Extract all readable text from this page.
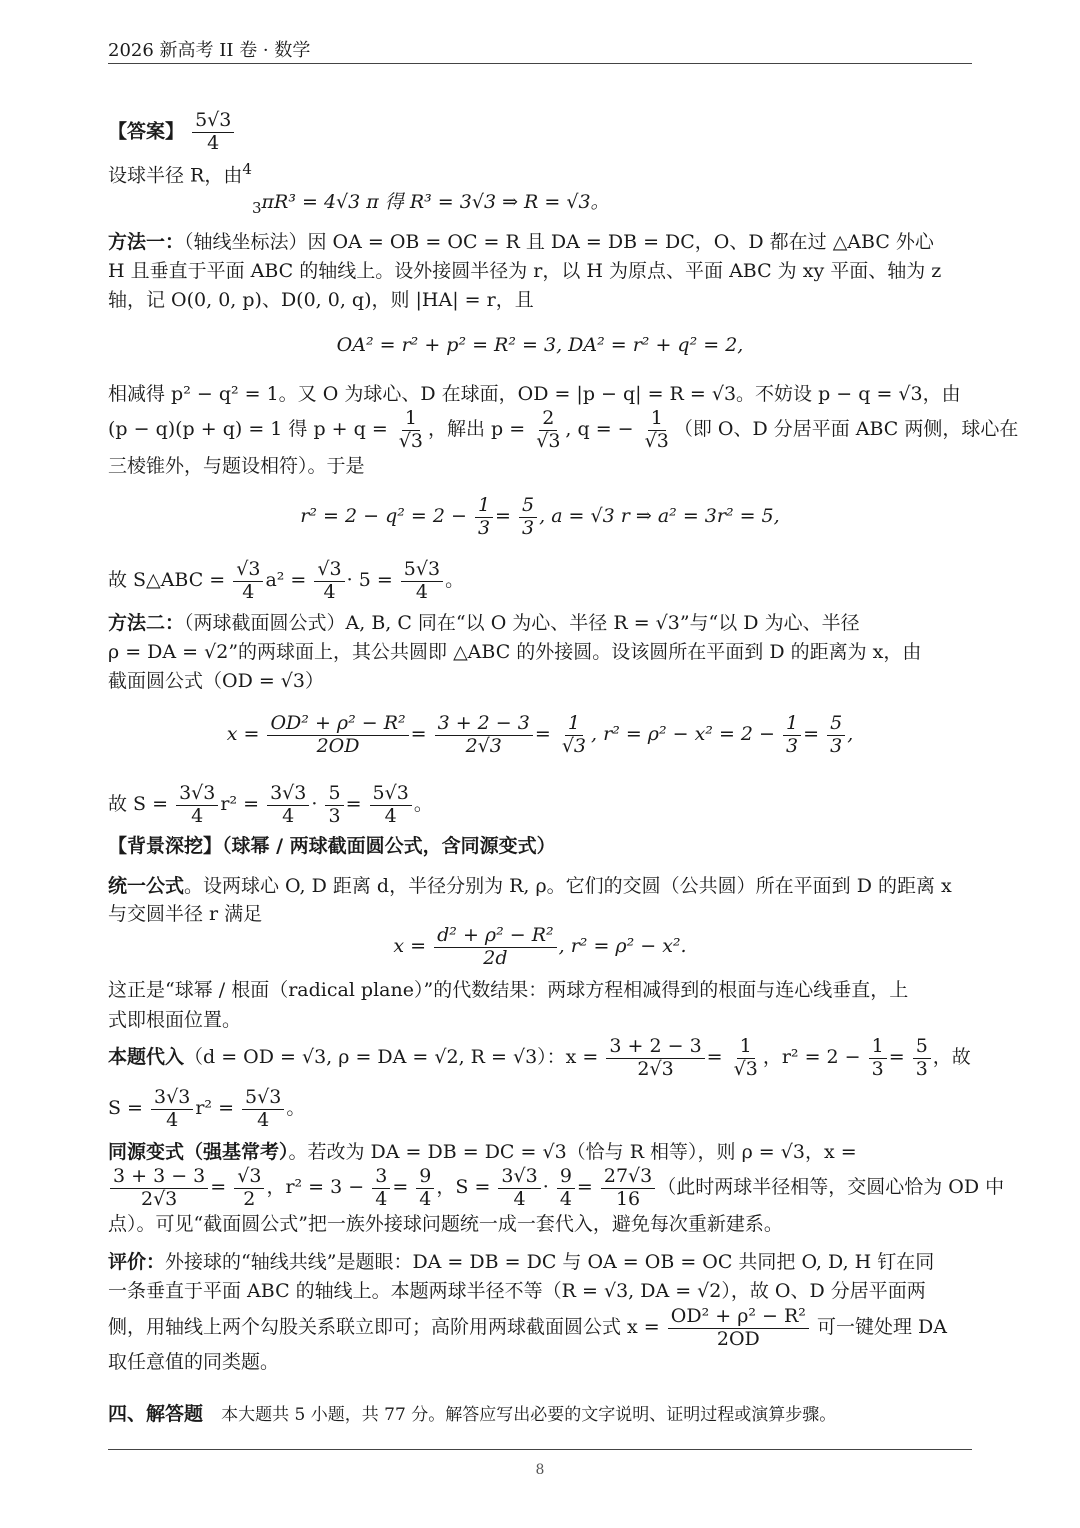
2026 新高考 II 卷 · 数学
【答案】 $\frac{5√3}{4}$
设球半径 R，由$^4$
$_3$πR³ = 4√3 π 得 R³ = 3√3 ⇒ R = √3。
方法一：（轴线坐标法）因 OA = OB = OC = R 且 DA = DB = DC，O、D 都在过 △ABC 外心
H 且垂直于平面 ABC 的轴线上。设外接圆半径为 r，以 H 为原点、平面 ABC 为 xy 平面、轴为 z
轴，记 O(0, 0, p)、D(0, 0, q)，则 |HA| = r，且
OA² = r² + p² = R² = 3, DA² = r² + q² = 2,
相减得 p² − q² = 1。又 O 为球心、D 在球面，OD = |p − q| = R = √3。不妨设 p − q = √3，由
(p − q)(p + q) = 1 得 $p + q = \frac{1}{√3}$ ，解出 $p = \frac{2}{√3}$ , q = − $\frac{1}{√3}$ （即 O、D 分居平面 ABC 两侧，球心在
三棱锥外，与题设相符）。于是
$r^2 = 2 - q^2 = 2 - \frac{1}{3} = \frac{5}{3}$ , a = √3 r ⇒ a² = 3r² = 5,
故 S△ABC = $\frac{√3}{4} a^2 = \frac{√3}{4} \cdot 5 = \frac{5√3}{4}$ 。
方法二：（两球截面圆公式）A, B, C 同在“以 O 为心、半径 R = √3”与“以 D 为心、半径
ρ = DA = √2”的两球面上，其公共圆即 △ABC 的外接圆。设该圆所在平面到 D 的距离为 x，由
截面圆公式（OD = √3）
$x = \frac{\text{OD² + ρ² − R²}}{2OD} = \frac{3 + 2 - 3}{2√3} = \frac{1}{√3}$ , $r^2 = \rho^2 - x^2 = 2 - \frac{1}{3} = \frac{5}{3}$ ,
故 $S = \frac{3√3}{4} r^2 = \frac{3√3}{4} \cdot \frac{5}{3} = \frac{5√3}{4}$ 。
【背景深挖】（球幂 / 两球截面圆公式，含同源变式）
统一公式。设两球心 O, D 距离 d，半径分别为 R, ρ。它们的交圆（公共圆）所在平面到 D 的距离 x
与交圆半径 r 满足
$x = \frac{\text{d² + ρ² − R²}}{2d}$ , r² = ρ² − x².
这正是“球幂 / 根面（radical plane）”的代数结果：两球方程相减得到的根面与连心线垂直，上
式即根面位置。
本题代入（d = OD = √3, ρ = DA = √2, R = √3）：$x = \frac{3 + 2 - 3}{2√3} = \frac{1}{√3}$ ，$r^2 = 2 - \frac{1}{3} = \frac{5}{3}$ ，故
$S = \frac{3√3}{4} r^2 = \frac{5√3}{4}$ 。
同源变式（强基常考）。若改为 DA = DB = DC = √3（恰与 R 相等），则 ρ = √3，x =
$\frac{3 + 3 - 3}{2√3} = \frac{√3}{2}$ ，$r^2 = 3 - \frac{3}{4} = \frac{9}{4}$ ，$S = \frac{3√3}{4} \cdot \frac{9}{4} = \frac{27√3}{16}$ （此时两球半径相等，交圆心恰为 OD 中
点）。可见“截面圆公式”把一族外接球问题统一成一套代入，避免每次重新建系。
评价：外接球的“轴线共线”是题眼：DA = DB = DC 与 OA = OB = OC 共同把 O, D, H 钉在同
一条垂直于平面 ABC 的轴线上。本题两球半径不等（R = √3, DA = √2），故 O、D 分居平面两
侧，用轴线上两个勾股关系联立即可；高阶用两球截面圆公式 $x = \frac{\text{OD² + ρ² − R²}}{2OD}$ 可一键处理 DA
取任意值的同类题。
四、解答题 本大题共 5 小题，共 77 分。解答应写出必要的文字说明、证明过程或演算步骤。
8
